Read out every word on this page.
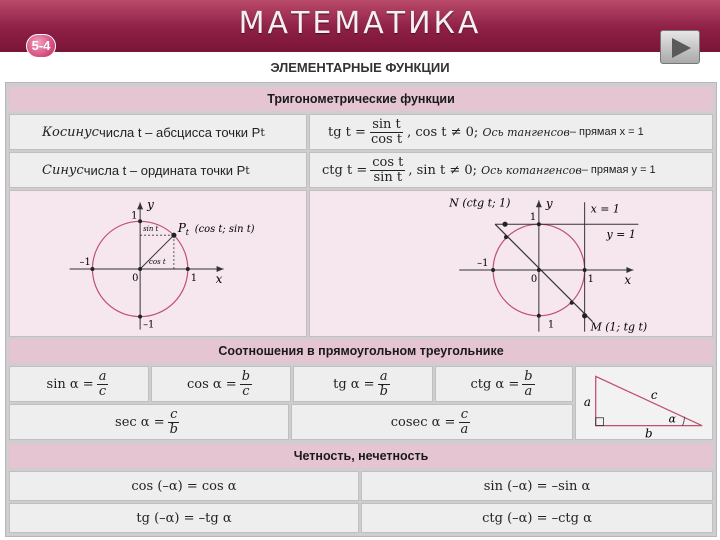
МАТЕМАТИКА
5-4
ЭЛЕМЕНТАРНЫЕ ФУНКЦИИ
Тригонометрические функции
Косинус числа t – абсцисса точки P t	tg $t = \frac{\text{sin t}}{\text{cos t}}$ , cos t ≠ 0;
Ось тангенсов – прямая x = 1
Синус числа t – ордината точки P t	ctg $t = \frac{\text{cos t}}{\text{sin t}}$ , sin t ≠ 0;
Ось котангенсов – прямая y = 1
y
x
1
–1
0	1
–1
P t (cos t; sin t)
sin t
cos t
y
x
N (ctg t; 1)
M (1; tg t)
x = 1
y = 1
1
–1
0	1
1
Соотношения в прямоугольном треугольнике
$\sin \alpha = \frac{a}{c}$	$\cos \alpha = \frac{b}{c}$	tg $\alpha = \frac{a}{b}$	ctg $\alpha = \frac{b}{a}$
$\sec \alpha = \frac{c}{b}$	cosec $\alpha = \frac{c}{a}$
a
b
c
α
Четность, нечетность
cos (–α) = cos α	sin (–α) = –sin α
tg (–α) = –tg α	ctg (–α) = –ctg α
